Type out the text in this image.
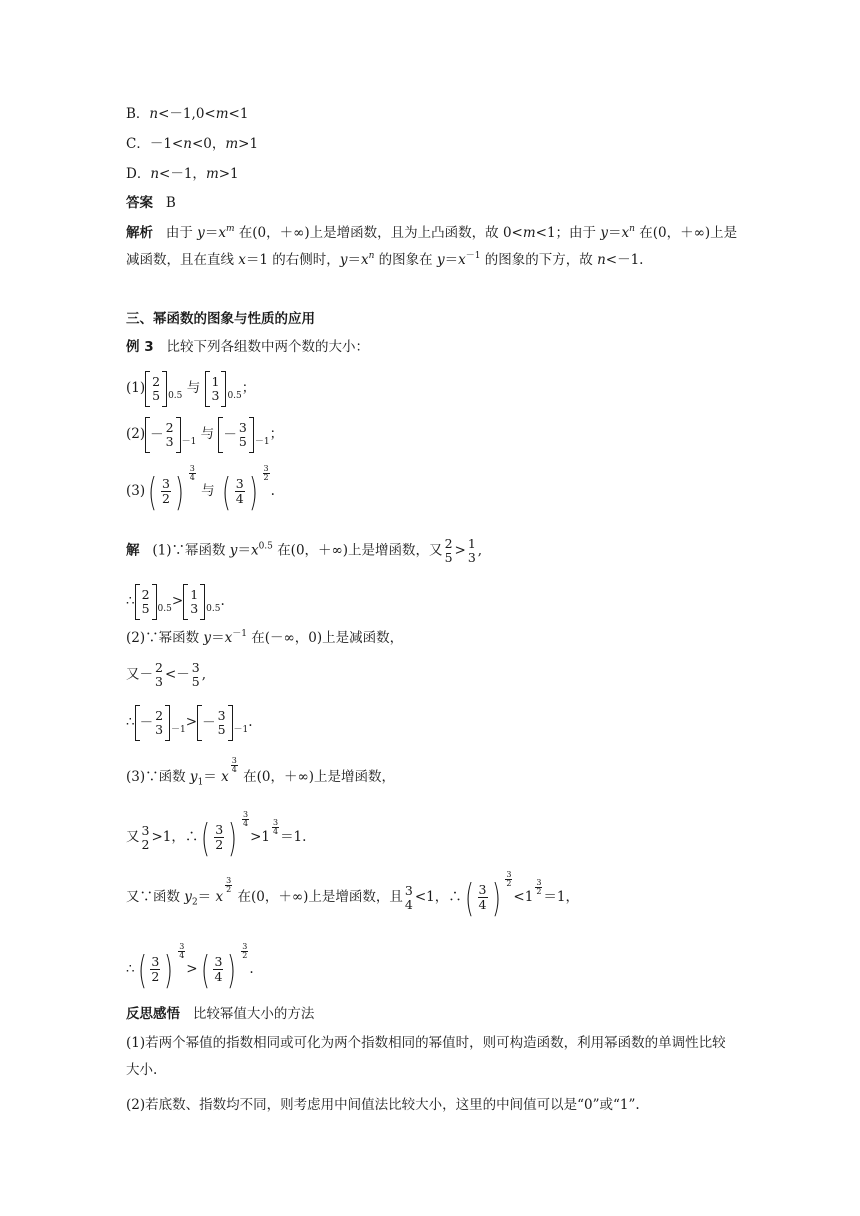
B．n<－1,0<m<1
C．－1<n<0，m>1
D．n<－1，m>1
答案 B
解析 由于 $y=x^m$ 在(0，＋∞)上是增函数，且为上凸函数，故 0<m<1；由于 $y=x^n$ 在(0，＋∞)上是减函数，且在直线 x＝1 的右侧时，$y=x^n$ 的图象在 $y=x^{-1}$ 的图象的下方，故 n<－1.
三、幂函数的图象与性质的应用
例 3 比较下列各组数中两个数的大小：
(1) 2
5 $_{0.5}$ 与 1
3 $_{0.5}$；
(2) － 2
3 $_{-1}$ 与 － 3
5 $_{-1}$；
(3) ( $\frac{3}{2}$ ) $\frac{3}{4}$
与 ( $\frac{3}{4}$ ) $\frac{3}{2}$
.
解 (1)∵幂函数 $y=x^{0.5}$ 在(0，＋∞)上是增函数，又 2
5 > 1
3 ,
∴ 2
5 $_{0.5}$> 1
3 $_{0.5}$.
(2)∵幂函数 $y=x^{-1}$ 在(－∞，0)上是减函数，
又－ 2
3 <－ 3
5 ,
∴ － 2
3 $_{-1}$> － 3
5 $_{-1}$.
(3)∵函数 $y_1= x$
$\frac{3}{4}$
在(0，＋∞)上是增函数，
又 3
2 >1，∴ ( $\frac{3}{2}$ ) $\frac{3}{4}$
>1
$\frac{3}{4}$
＝1.
又∵函数 $y_2= x$
$\frac{3}{2}$
在(0，＋∞)上是增函数，且 3
4 <1，∴ ( $\frac{3}{4}$ ) $\frac{3}{2}$
<1
$\frac{3}{2}$
＝1，
∴ ( $\frac{3}{2}$ ) $\frac{3}{4}$
> ( $\frac{3}{4}$ ) $\frac{3}{2}$
.
反思感悟 比较幂值大小的方法
(1)若两个幂值的指数相同或可化为两个指数相同的幂值时，则可构造函数，利用幂函数的单调性比较大小.
(2)若底数、指数均不同，则考虑用中间值法比较大小，这里的中间值可以是“0”或“1”.
